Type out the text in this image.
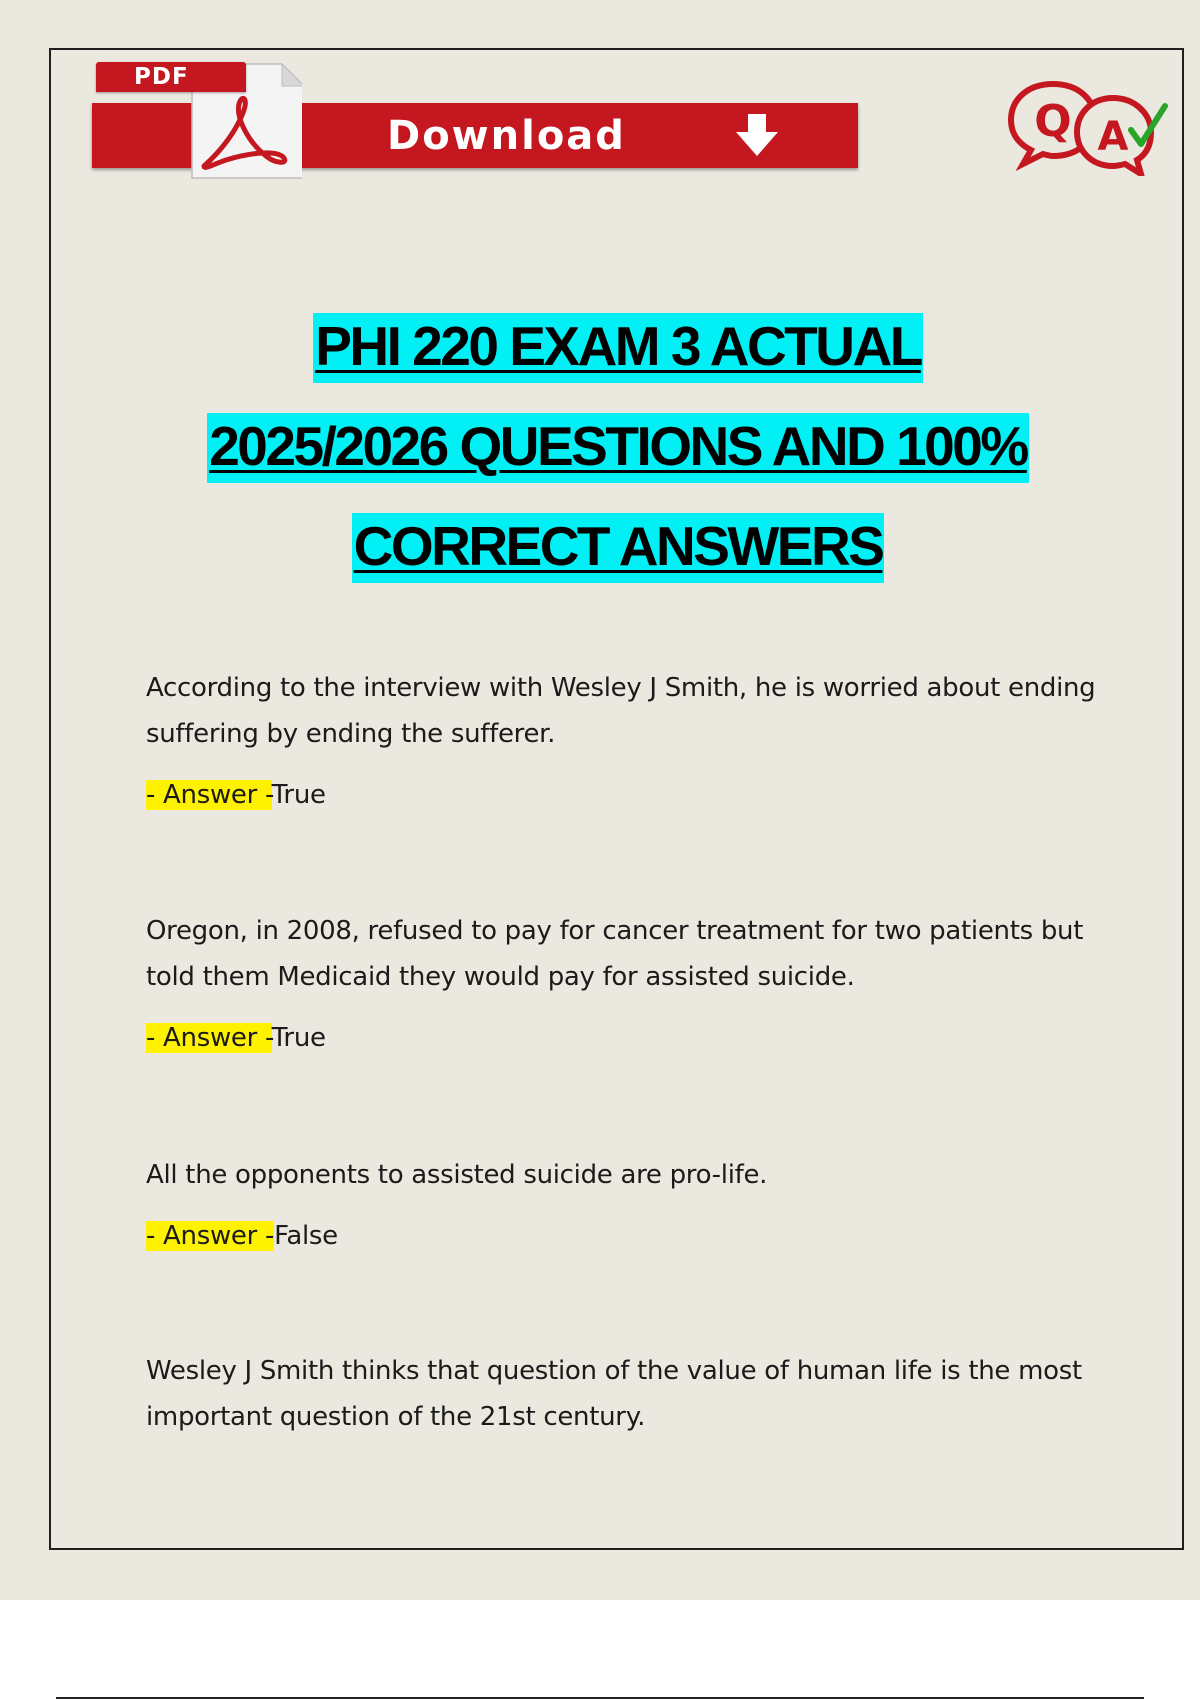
PDF
Download	Q A
PHI 220 EXAM 3 ACTUAL
2025/2026 QUESTIONS AND 100%
CORRECT ANSWERS

According to the interview with Wesley J Smith, he is worried about ending suffering by ending the sufferer.

- Answer -True

Oregon, in 2008, refused to pay for cancer treatment for two patients but told them Medicaid they would pay for assisted suicide.

- Answer -True

All the opponents to assisted suicide are pro-life.

- Answer -False

Wesley J Smith thinks that question of the value of human life is the most important question of the 21st century.
